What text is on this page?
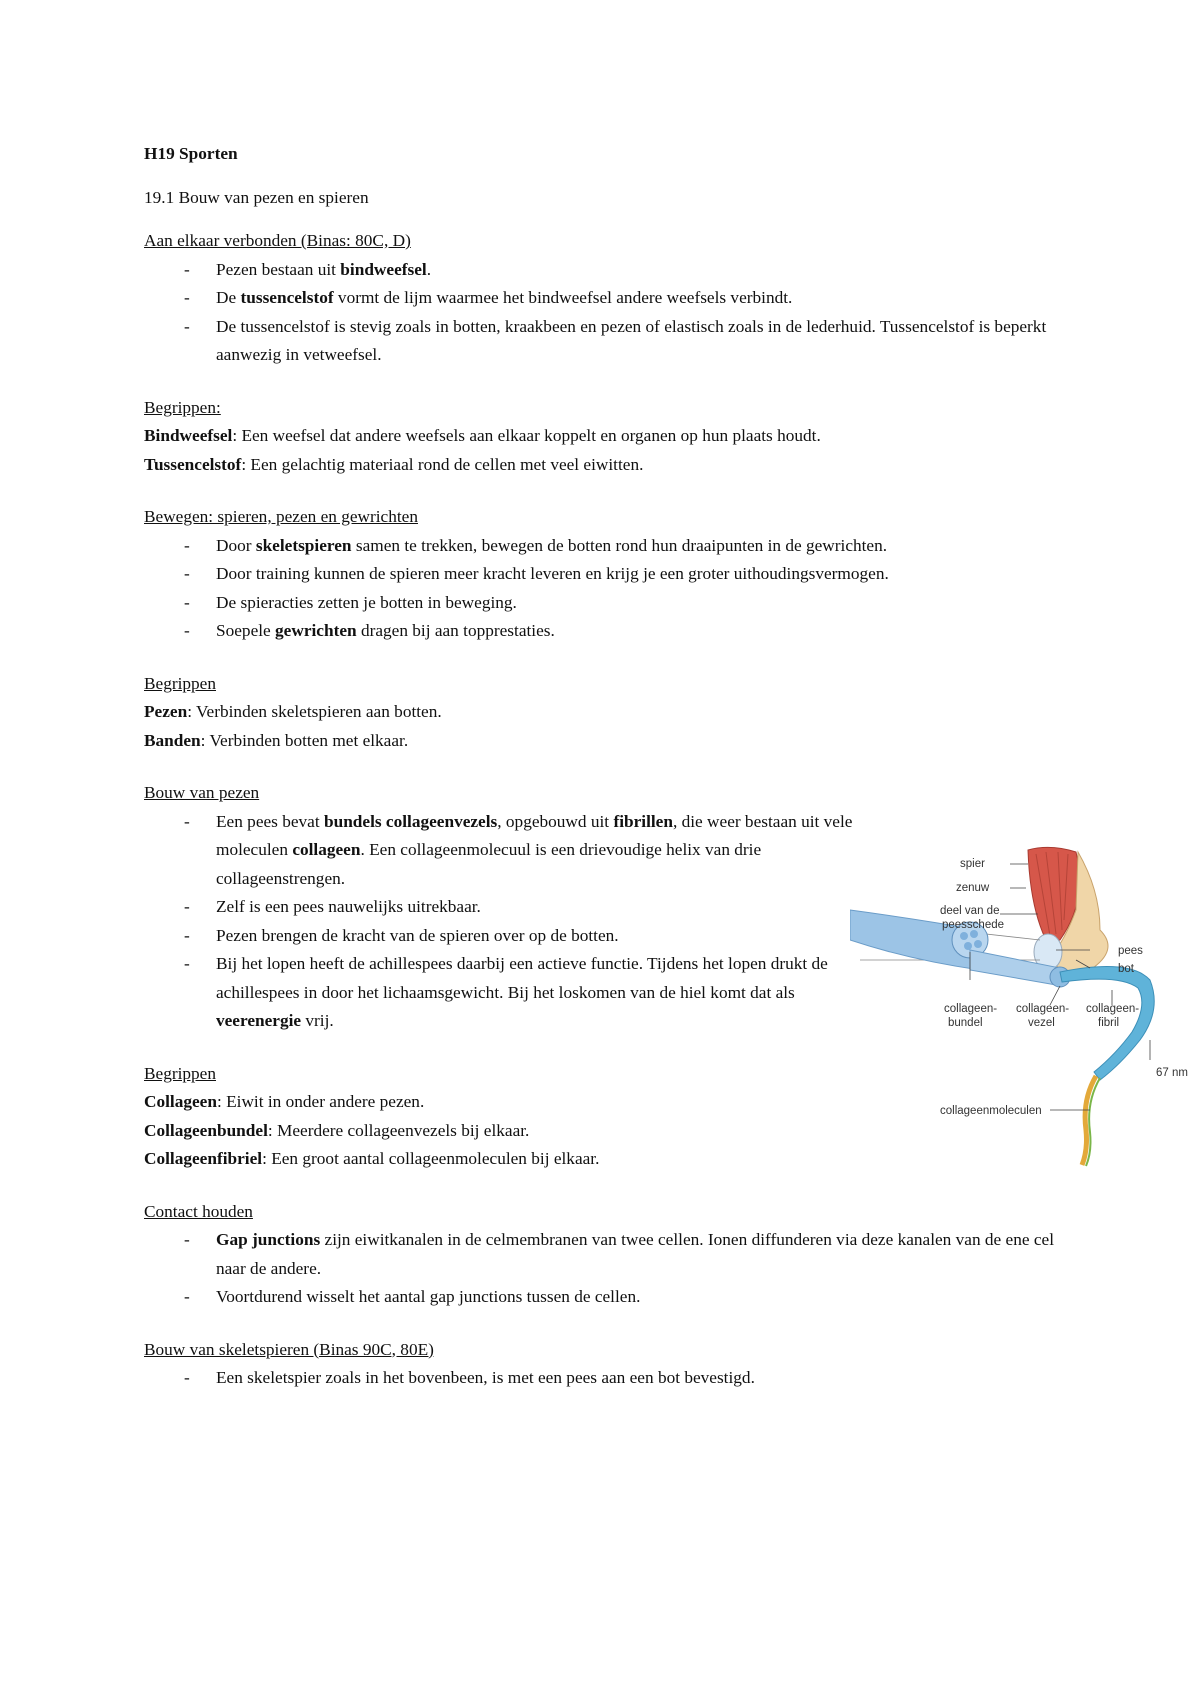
H19 Sporten

19.1 Bouw van pezen en spieren

Aan elkaar verbonden (Binas: 80C, D)

- Pezen bestaan uit bindweefsel.
- De tussencelstof vormt de lijm waarmee het bindweefsel andere weefsels verbindt.
- De tussencelstof is stevig zoals in botten, kraakbeen en pezen of elastisch zoals in de lederhuid. Tussencelstof is beperkt aanwezig in vetweefsel.

Begrippen:

Bindweefsel: Een weefsel dat andere weefsels aan elkaar koppelt en organen op hun plaats houdt.

Tussencelstof: Een gelachtig materiaal rond de cellen met veel eiwitten.

Bewegen: spieren, pezen en gewrichten

- Door skeletspieren samen te trekken, bewegen de botten rond hun draaipunten in de gewrichten.
- Door training kunnen de spieren meer kracht leveren en krijg je een groter uithoudingsvermogen.
- De spieracties zetten je botten in beweging.
- Soepele gewrichten dragen bij aan topprestaties.

Begrippen

Pezen: Verbinden skeletspieren aan botten.

Banden: Verbinden botten met elkaar.

Bouw van pezen

- Een pees bevat bundels collageenvezels, opgebouwd uit fibrillen, die weer bestaan uit vele moleculen collageen. Een collageenmolecuul is een drievoudige helix van drie collageenstrengen.
- Zelf is een pees nauwelijks uitrekbaar.
- Pezen brengen de kracht van de spieren over op de botten.
- Bij het lopen heeft de achillespees daarbij een actieve functie. Tijdens het lopen drukt de achillespees in door het lichaamsgewicht. Bij het loskomen van de hiel komt dat als veerenergie vrij.

Begrippen

Collageen: Eiwit in onder andere pezen.

Collageenbundel: Meerdere collageenvezels bij elkaar.

Collageenfibriel: Een groot aantal collageenmoleculen bij elkaar.

Contact houden

- Gap junctions zijn eiwitkanalen in de celmembranen van twee cellen. Ionen diffunderen via deze kanalen van de ene cel naar de andere.
- Voortdurend wisselt het aantal gap junctions tussen de cellen.

Bouw van skeletspieren (Binas 90C, 80E)

- Een skeletspier zoals in het bovenbeen, is met een pees aan een bot bevestigd.
spier
zenuw
deel van de
peesschede
pees
bot
collageen-
bundel
collageen-
vezel
collageen-
fibril
67 nm
collageenmoleculen
